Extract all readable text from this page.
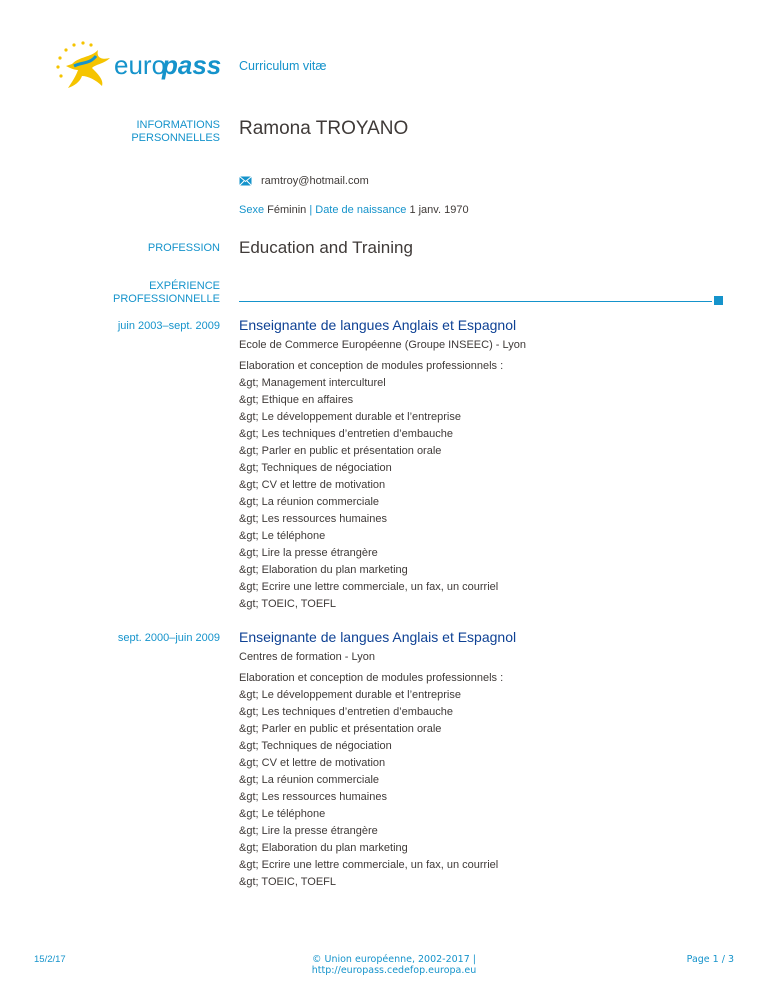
euro
pass Curriculum vitæ
INFORMATIONS
PERSONNELLES Ramona TROYANO
ramtroy@hotmail.com
Sexe Féminin | Date de naissance 1 janv. 1970
PROFESSION Education and Training
EXPÉRIENCE
PROFESSIONNELLE
juin 2003–sept. 2009 Enseignante de langues Anglais et Espagnol
Ecole de Commerce Européenne (Groupe INSEEC) - Lyon
Elaboration et conception de modules professionnels :
&gt; Management interculturel
&gt; Ethique en affaires
&gt; Le développement durable et l’entreprise
&gt; Les techniques d’entretien d’embauche
&gt; Parler en public et présentation orale
&gt; Techniques de négociation
&gt; CV et lettre de motivation
&gt; La réunion commerciale
&gt; Les ressources humaines
&gt; Le téléphone
&gt; Lire la presse étrangère
&gt; Elaboration du plan marketing
&gt; Ecrire une lettre commerciale, un fax, un courriel
&gt; TOEIC, TOEFL
sept. 2000–juin 2009 Enseignante de langues Anglais et Espagnol
Centres de formation - Lyon
Elaboration et conception de modules professionnels :
&gt; Le développement durable et l’entreprise
&gt; Les techniques d’entretien d’embauche
&gt; Parler en public et présentation orale
&gt; Techniques de négociation
&gt; CV et lettre de motivation
&gt; La réunion commerciale
&gt; Les ressources humaines
&gt; Le téléphone
&gt; Lire la presse étrangère
&gt; Elaboration du plan marketing
&gt; Ecrire une lettre commerciale, un fax, un courriel
&gt; TOEIC, TOEFL
15/2/17	© Union européenne, 2002-2017 | http://europass.cedefop.europa.eu
Page 1 / 3
